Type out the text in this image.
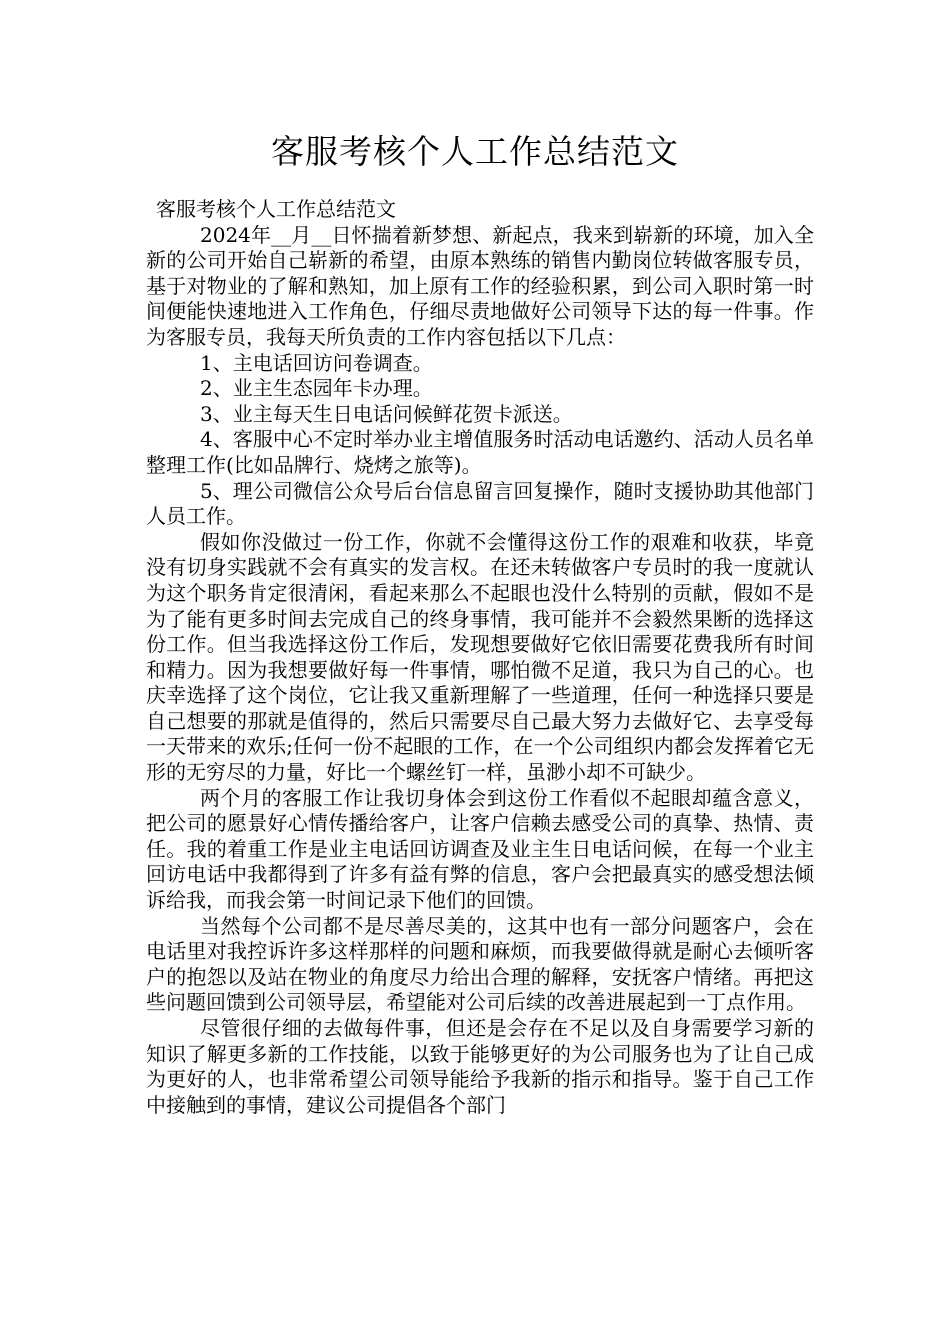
客服考核个人工作总结范文

客服考核个人工作总结范文

2024年__月__日怀揣着新梦想、新起点，我来到崭新的环境，加入全新的公司开始自己崭新的希望，由原本熟练的销售内勤岗位转做客服专员，基于对物业的了解和熟知，加上原有工作的经验积累，到公司入职时第一时间便能快速地进入工作角色，仔细尽责地做好公司领导下达的每一件事。作为客服专员，我每天所负责的工作内容包括以下几点：

1、主电话回访问卷调查。

2、业主生态园年卡办理。

3、业主每天生日电话问候鲜花贺卡派送。

4、客服中心不定时举办业主增值服务时活动电话邀约、活动人员名单整理工作(比如品牌行、烧烤之旅等)。

5、理公司微信公众号后台信息留言回复操作，随时支援协助其他部门人员工作。

假如你没做过一份工作，你就不会懂得这份工作的艰难和收获，毕竟没有切身实践就不会有真实的发言权。在还未转做客户专员时的我一度就认为这个职务肯定很清闲，看起来那么不起眼也没什么特别的贡献，假如不是为了能有更多时间去完成自己的终身事情，我可能并不会毅然果断的选择这份工作。但当我选择这份工作后，发现想要做好它依旧需要花费我所有时间和精力。因为我想要做好每一件事情，哪怕微不足道，我只为自己的心。也庆幸选择了这个岗位，它让我又重新理解了一些道理，任何一种选择只要是自己想要的那就是值得的，然后只需要尽自己最大努力去做好它、去享受每一天带来的欢乐;任何一份不起眼的工作，在一个公司组织内都会发挥着它无形的无穷尽的力量，好比一个螺丝钉一样，虽渺小却不可缺少。

两个月的客服工作让我切身体会到这份工作看似不起眼却蕴含意义，把公司的愿景好心情传播给客户，让客户信赖去感受公司的真挚、热情、责任。我的着重工作是业主电话回访调查及业主生日电话问候，在每一个业主回访电话中我都得到了许多有益有弊的信息，客户会把最真实的感受想法倾诉给我，而我会第一时间记录下他们的回馈。

当然每个公司都不是尽善尽美的，这其中也有一部分问题客户，会在电话里对我控诉许多这样那样的问题和麻烦，而我要做得就是耐心去倾听客户的抱怨以及站在物业的角度尽力给出合理的解释，安抚客户情绪。再把这些问题回馈到公司领导层，希望能对公司后续的改善进展起到一丁点作用。

尽管很仔细的去做每件事，但还是会存在不足以及自身需要学习新的知识了解更多新的工作技能，以致于能够更好的为公司服务也为了让自己成为更好的人，也非常希望公司领导能给予我新的指示和指导。鉴于自己工作中接触到的事情，建议公司提倡各个部门
